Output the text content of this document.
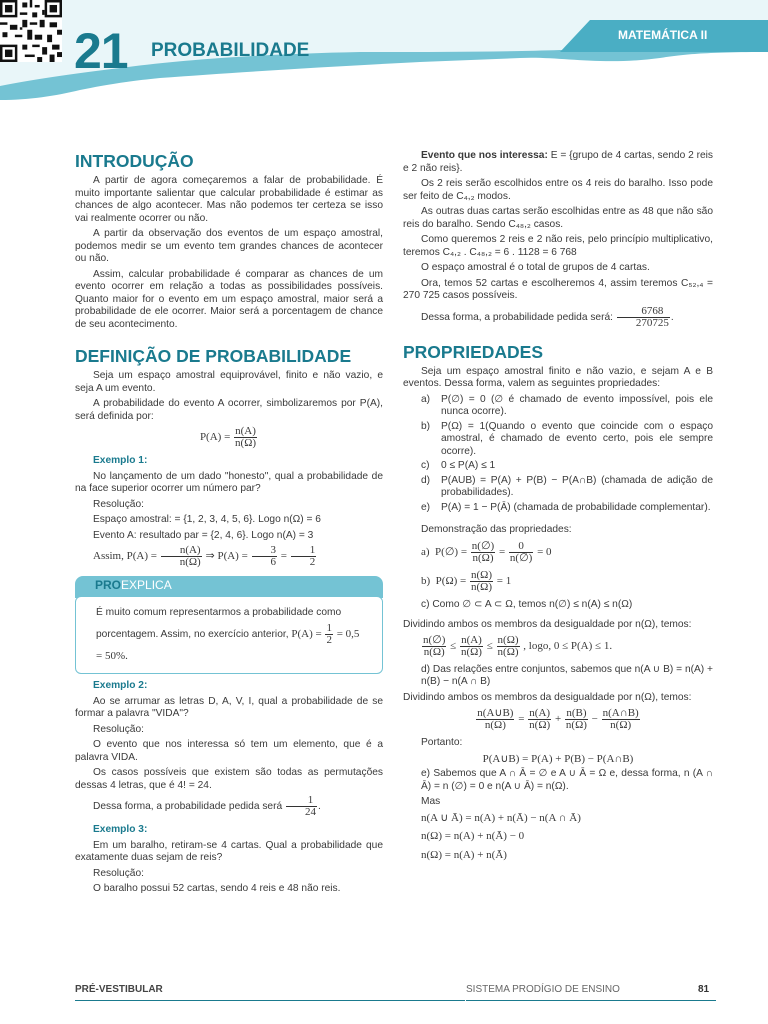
21 PROBABILIDADE
MATEMÁTICA II
INTRODUÇÃO

A partir de agora começaremos a falar de probabilidade. É muito importante salientar que calcular probabilidade é estimar as chances de algo acontecer. Mas não podemos ter certeza se isso vai realmente ocorrer ou não.

A partir da observação dos eventos de um espaço amostral, podemos medir se um evento tem grandes chances de acontecer ou não.

Assim, calcular probabilidade é comparar as chances de um evento ocorrer em relação a todas as possibilidades possíveis. Quanto maior for o evento em um espaço amostral, maior será a probabilidade de ele ocorrer. Maior será a porcentagem de chance de seu acontecimento.

DEFINIÇÃO DE PROBABILIDADE

Seja um espaço amostral equiprovável, finito e não vazio, e seja A um evento.

A probabilidade do evento A ocorrer, simbolizaremos por P(A), será definida por:

$P(A) = \frac{n(A)}{n(\Omega)}$
Exemplo 1:

No lançamento de um dado "honesto", qual a probabilidade de na face superior ocorrer um número par?

Resolução:

Espaço amostral: = {1, 2, 3, 4, 5, 6}. Logo n(Ω) = 6

Evento A: resultado par = {2, 4, 6}. Logo n(A) = 3

Assim, $P(A) = \frac{n(A)}{n(\Omega)}$ ⇒ $P(A) = \frac{3}{6} = \frac{1}{2}$

PROEXPLICA
É muito comum representarmos a probabilidade como porcentagem. Assim, no exercício anterior, $P(A) = \frac{1}{2} = 0,5 = 50\%$.
Exemplo 2:

Ao se arrumar as letras D, A, V, I, qual a probabilidade de se formar a palavra "VIDA"?

Resolução:

O evento que nos interessa só tem um elemento, que é a palavra VIDA.

Os casos possíveis que existem são todas as permutações dessas 4 letras, que é 4! = 24.

Dessa forma, a probabilidade pedida será $\frac{1}{24}$ .

Exemplo 3:

Em um baralho, retiram-se 4 cartas. Qual a probabilidade que exatamente duas sejam de reis?

Resolução:

O baralho possui 52 cartas, sendo 4 reis e 48 não reis.

Evento que nos interessa: E = {grupo de 4 cartas, sendo 2 reis e 2 não reis}.

Os 2 reis serão escolhidos entre os 4 reis do baralho. Isso pode ser feito de C₄,₂ modos.

As outras duas cartas serão escolhidas entre as 48 que não são reis do baralho. Sendo C₄₈,₂ casos.

Como queremos 2 reis e 2 não reis, pelo princípio multiplicativo, teremos C₄,₂ . C₄₈,₂ = 6 . 1128 = 6 768

O espaço amostral é o total de grupos de 4 cartas.

Ora, temos 52 cartas e escolheremos 4, assim teremos C₅₂,₄ = 270 725 casos possíveis.

Dessa forma, a probabilidade pedida será: $\frac{6768}{270725}$ .

PROPRIEDADES

Seja um espaço amostral finito e não vazio, e sejam A e B eventos. Dessa forma, valem as seguintes propriedades:

a) P(∅) = 0 (∅ é chamado de evento impossível, pois ele nunca ocorre).
b) P(Ω) = 1(Quando o evento que coincide com o espaço amostral, é chamado de evento certo, pois ele sempre ocorre).
c) 0 ≤ P(A) ≤ 1
d) P(AUB) = P(A) + P(B) − P(A∩B) (chamada de adição de probabilidades).
e) P(A) = 1 − P(Ā) (chamada de probabilidade complementar).

Demonstração das propriedades:

a) P(∅) = $\frac{n(\emptyset)}{n(\Omega)} = \frac{0}{n(\emptyset)} = 0$
b) $P(\Omega) = \frac{n(\Omega)}{n(\Omega)} = 1$

c) Como ∅ ⊂ A ⊂ Ω, temos n(∅) ≤ n(A) ≤ n(Ω)

Dividindo ambos os membros da desigualdade por n(Ω), temos:

$\frac{n(\emptyset)}{n(\Omega)} \le \frac{n(A)}{n(\Omega)} \le \frac{n(\Omega)}{n(\Omega)}$ , logo, 0 ≤ P(A) ≤ 1.

d) Das relações entre conjuntos, sabemos que n(A ∪ B) = n(A) + n(B) − n(A ∩ B)

Dividindo ambos os membros da desigualdade por n(Ω), temos:

$\frac{n(A\cup B)}{n(\Omega)} = \frac{n(A)}{n(\Omega)} + \frac{n(B)}{n(\Omega)} - \frac{n(A\cap B)}{n(\Omega)}$

Portanto:

P(A∪B) = P(A) + P(B) − P(A∩B)

e) Sabemos que A ∩ Ā = ∅ e A ∪ Ā = Ω e, dessa forma, n (A ∩ Ā) = n (∅) = 0 e n(A ∪ Ā) = n(Ω).

Mas

n(A ∪ Ā) = n(A) + n(Ā) − n(A ∩ Ā)

n(Ω) = n(A) + n(Ā) − 0

n(Ω) = n(A) + n(Ā)

PRÉ-VESTIBULAR	SISTEMA PRODÍGIO DE ENSINO	81
